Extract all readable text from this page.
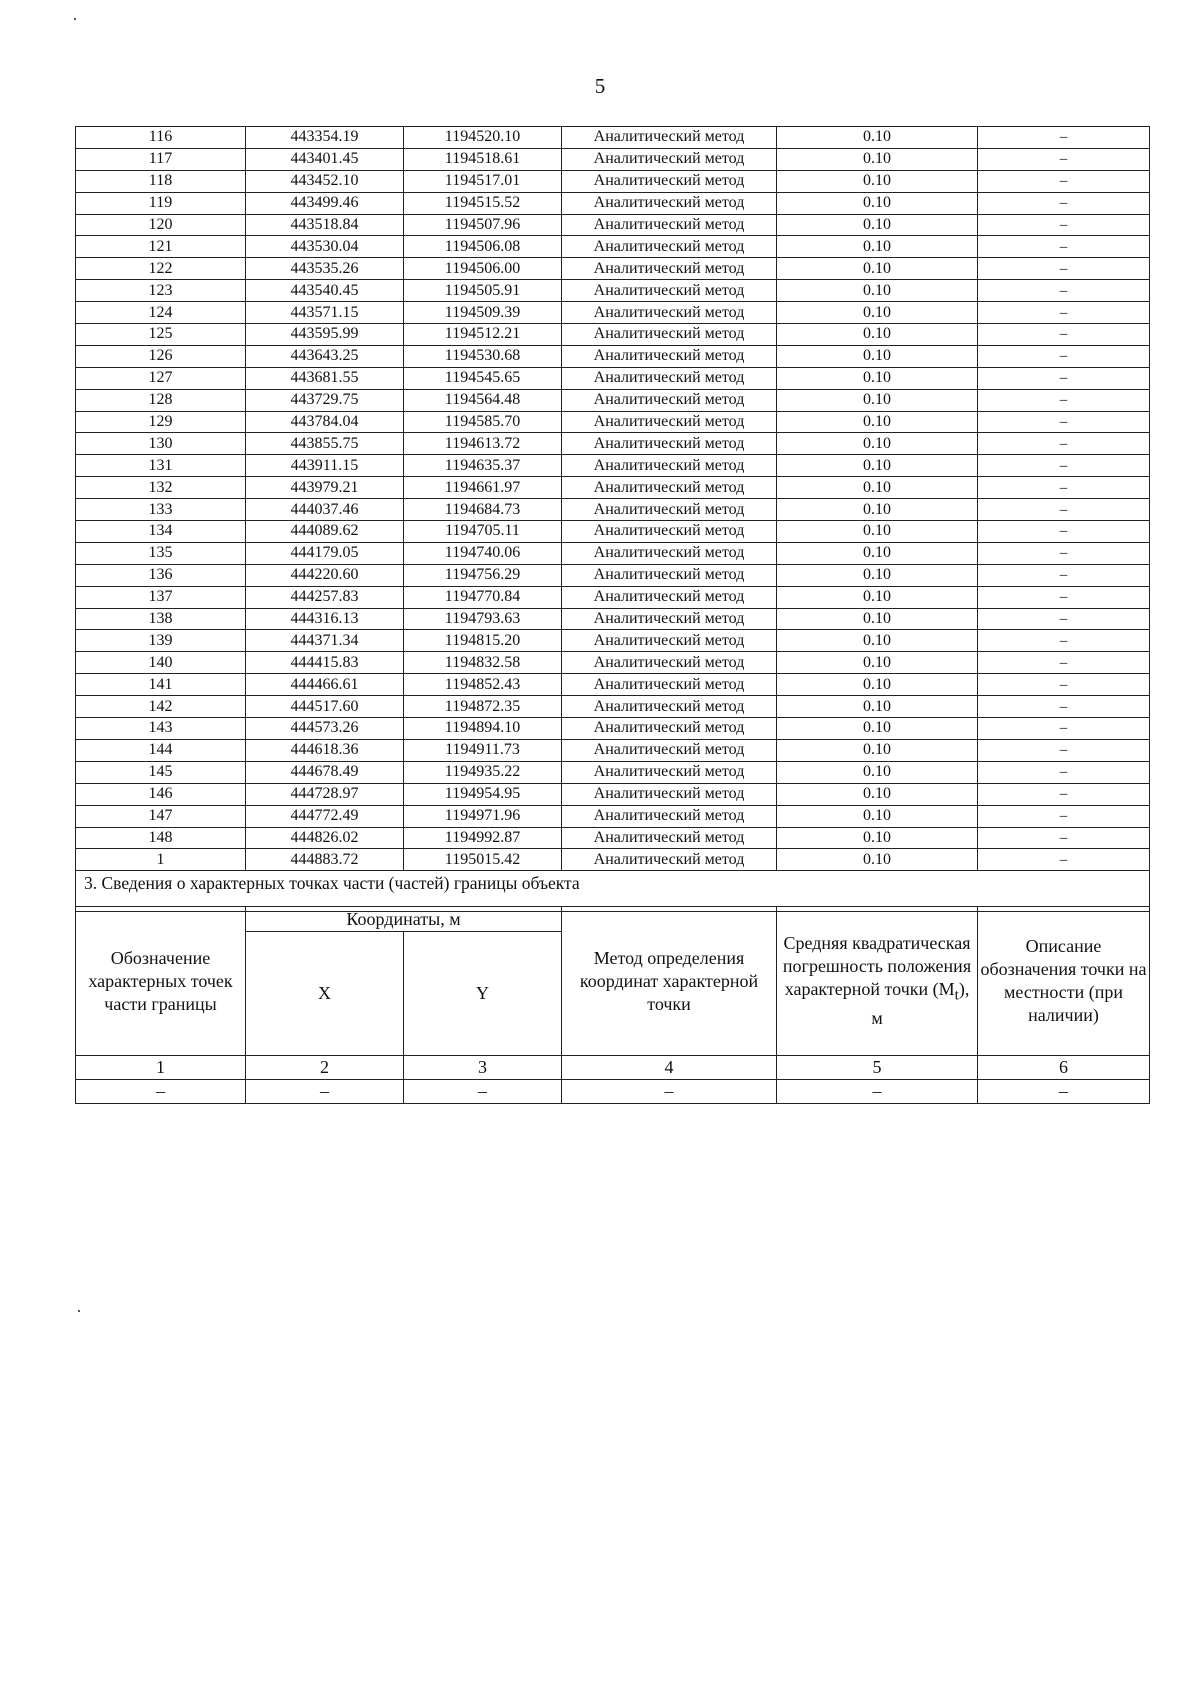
5
116	443354.19	1194520.10	Аналитический метод	0.10	–
117	443401.45	1194518.61	Аналитический метод	0.10	–
118	443452.10	1194517.01	Аналитический метод	0.10	–
119	443499.46	1194515.52	Аналитический метод	0.10	–
120	443518.84	1194507.96	Аналитический метод	0.10	–
121	443530.04	1194506.08	Аналитический метод	0.10	–
122	443535.26	1194506.00	Аналитический метод	0.10	–
123	443540.45	1194505.91	Аналитический метод	0.10	–
124	443571.15	1194509.39	Аналитический метод	0.10	–
125	443595.99	1194512.21	Аналитический метод	0.10	–
126	443643.25	1194530.68	Аналитический метод	0.10	–
127	443681.55	1194545.65	Аналитический метод	0.10	–
128	443729.75	1194564.48	Аналитический метод	0.10	–
129	443784.04	1194585.70	Аналитический метод	0.10	–
130	443855.75	1194613.72	Аналитический метод	0.10	–
131	443911.15	1194635.37	Аналитический метод	0.10	–
132	443979.21	1194661.97	Аналитический метод	0.10	–
133	444037.46	1194684.73	Аналитический метод	0.10	–
134	444089.62	1194705.11	Аналитический метод	0.10	–
135	444179.05	1194740.06	Аналитический метод	0.10	–
136	444220.60	1194756.29	Аналитический метод	0.10	–
137	444257.83	1194770.84	Аналитический метод	0.10	–
138	444316.13	1194793.63	Аналитический метод	0.10	–
139	444371.34	1194815.20	Аналитический метод	0.10	–
140	444415.83	1194832.58	Аналитический метод	0.10	–
141	444466.61	1194852.43	Аналитический метод	0.10	–
142	444517.60	1194872.35	Аналитический метод	0.10	–
143	444573.26	1194894.10	Аналитический метод	0.10	–
144	444618.36	1194911.73	Аналитический метод	0.10	–
145	444678.49	1194935.22	Аналитический метод	0.10	–
146	444728.97	1194954.95	Аналитический метод	0.10	–
147	444772.49	1194971.96	Аналитический метод	0.10	–
148	444826.02	1194992.87	Аналитический метод	0.10	–
1	444883.72	1195015.42	Аналитический метод	0.10	–
3. Сведения о характерных точках части (частей) границы объекта					
Обозначение характерных точек части границы	Координаты, м		Метод определения координат характерной точки	Средняя квадратическая погрешность положения характерной точки $(M_t)$, м	Описание обозначения точки на местности (при наличии)
	X	Y			
1	2	3	4	5	6
–	–	–	–	–	–
